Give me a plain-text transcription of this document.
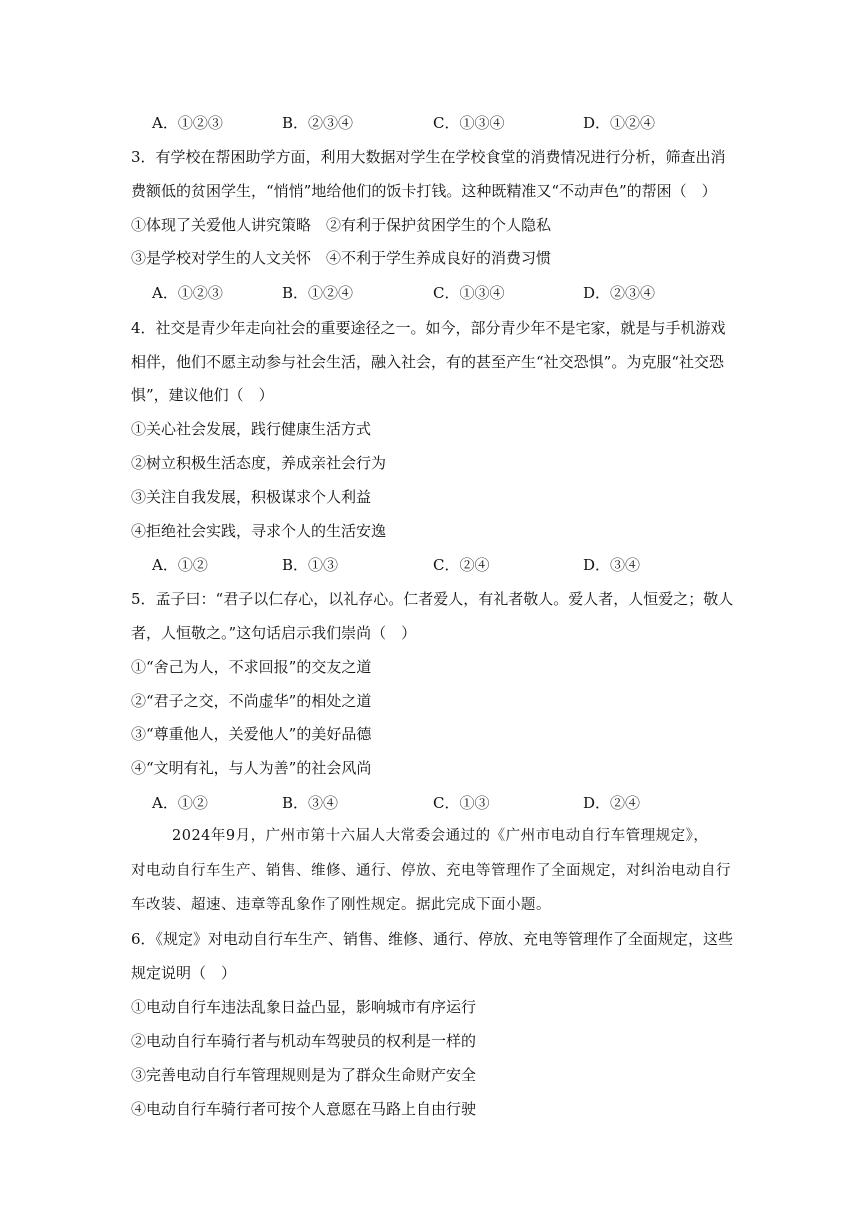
A．①②③	B．②③④	C．①③④	D．①②④
3．有学校在帮困助学方面，利用大数据对学生在学校食堂的消费情况进行分析，筛查出消
费额低的贫困学生，“悄悄”地给他们的饭卡打钱。这种既精准又“不动声色”的帮困（　）
①体现了关爱他人讲究策略　②有利于保护贫困学生的个人隐私
③是学校对学生的人文关怀　④不利于学生养成良好的消费习惯
A．①②③	B．①②④	C．①③④	D．②③④
4．社交是青少年走向社会的重要途径之一。如今，部分青少年不是宅家，就是与手机游戏
相伴，他们不愿主动参与社会生活，融入社会，有的甚至产生“社交恐惧”。为克服“社交恐
惧”，建议他们（　）
①关心社会发展，践行健康生活方式
②树立积极生活态度，养成亲社会行为
③关注自我发展，积极谋求个人利益
④拒绝社会实践，寻求个人的生活安逸
A．①②	B．①③	C．②④	D．③④
5．孟子曰：“君子以仁存心，以礼存心。仁者爱人，有礼者敬人。爱人者，人恒爱之；敬人
者，人恒敬之。”这句话启示我们崇尚（　）
①“舍己为人，不求回报”的交友之道
②“君子之交，不尚虚华”的相处之道
③“尊重他人，关爱他人”的美好品德
④“文明有礼，与人为善”的社会风尚
A．①②	B．③④	C．①③	D．②④
2024年9月，广州市第十六届人大常委会通过的《广州市电动自行车管理规定》，
对电动自行车生产、销售、维修、通行、停放、充电等管理作了全面规定，对纠治电动自行
车改装、超速、违章等乱象作了刚性规定。据此完成下面小题。
6．《规定》对电动自行车生产、销售、维修、通行、停放、充电等管理作了全面规定，这些
规定说明（　）
①电动自行车违法乱象日益凸显，影响城市有序运行
②电动自行车骑行者与机动车驾驶员的权利是一样的
③完善电动自行车管理规则是为了群众生命财产安全
④电动自行车骑行者可按个人意愿在马路上自由行驶
